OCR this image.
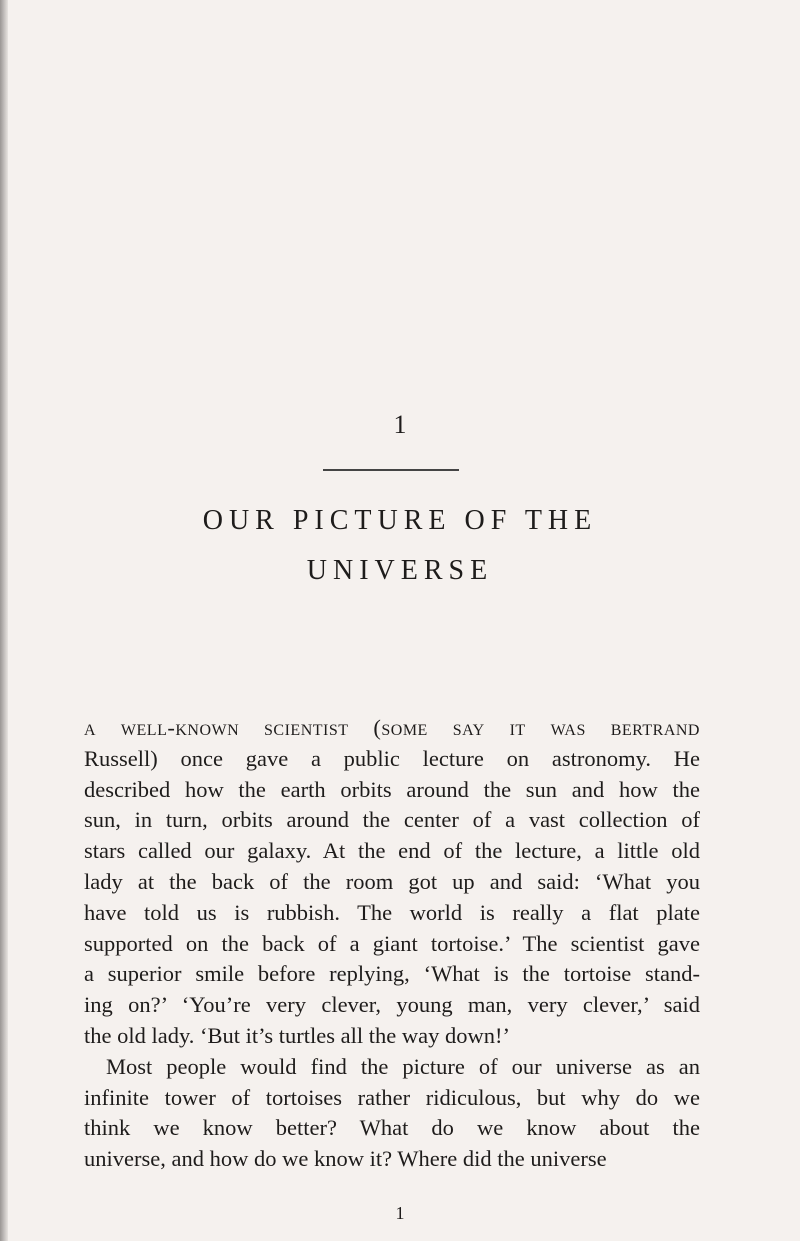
1
OUR PICTURE OF THE
UNIVERSE
a well-known scientist (some say it was bertrand
Russell) once gave a public lecture on astronomy. He
described how the earth orbits around the sun and how the
sun, in turn, orbits around the center of a vast collection of
stars called our galaxy. At the end of the lecture, a little old
lady at the back of the room got up and said: ‘What you
have told us is rubbish. The world is really a flat plate
supported on the back of a giant tortoise.’ The scientist gave
a superior smile before replying, ‘What is the tortoise stand-
ing on?’ ‘You’re very clever, young man, very clever,’ said
the old lady. ‘But it’s turtles all the way down!’
Most people would find the picture of our universe as an
infinite tower of tortoises rather ridiculous, but why do we
think we know better? What do we know about the
universe, and how do we know it? Where did the universe
1
